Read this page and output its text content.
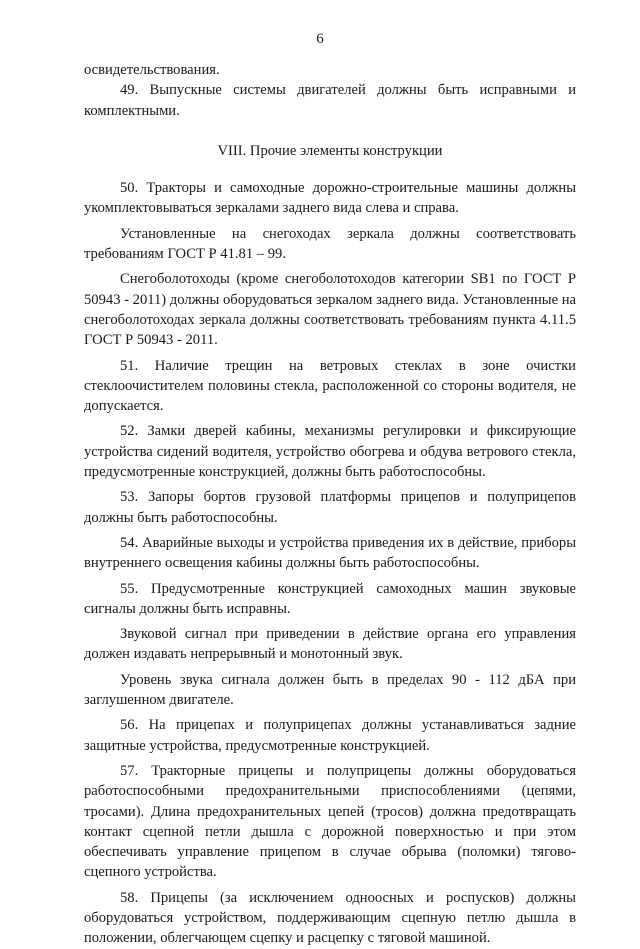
6

освидетельствования.

49. Выпускные системы двигателей должны быть исправными и комплектными.

VIII. Прочие элементы конструкции

50. Тракторы и самоходные дорожно-строительные машины должны укомплектовываться зеркалами заднего вида слева и справа.

Установленные на снегоходах зеркала должны соответствовать требованиям ГОСТ Р 41.81 – 99.

Снегоболотоходы (кроме снегоболотоходов категории SB1 по ГОСТ Р 50943 - 2011) должны оборудоваться зеркалом заднего вида. Установленные на снегоболотоходах зеркала должны соответствовать требованиям пункта 4.11.5 ГОСТ Р 50943 - 2011.

51. Наличие трещин на ветровых стеклах в зоне очистки стеклоочистителем половины стекла, расположенной со стороны водителя, не допускается.

52. Замки дверей кабины, механизмы регулировки и фиксирующие устройства сидений водителя, устройство обогрева и обдува ветрового стекла, предусмотренные конструкцией, должны быть работоспособны.

53. Запоры бортов грузовой платформы прицепов и полуприцепов должны быть работоспособны.

54. Аварийные выходы и устройства приведения их в действие, приборы внутреннего освещения кабины должны быть работоспособны.

55. Предусмотренные конструкцией самоходных машин звуковые сигналы должны быть исправны.

Звуковой сигнал при приведении в действие органа его управления должен издавать непрерывный и монотонный звук.

Уровень звука сигнала должен быть в пределах 90 - 112 дБА при заглушенном двигателе.

56. На прицепах и полуприцепах должны устанавливаться задние защитные устройства, предусмотренные конструкцией.

57. Тракторные прицепы и полуприцепы должны оборудоваться работоспособными предохранительными приспособлениями (цепями, тросами). Длина предохранительных цепей (тросов) должна предотвращать контакт сцепной петли дышла с дорожной поверхностью и при этом обеспечивать управление прицепом в случае обрыва (поломки) тягово-сцепного устройства.

58. Прицепы (за исключением одноосных и роспусков) должны оборудоваться устройством, поддерживающим сцепную петлю дышла в положении, облегчающем сцепку и расцепку с тяговой машиной.
